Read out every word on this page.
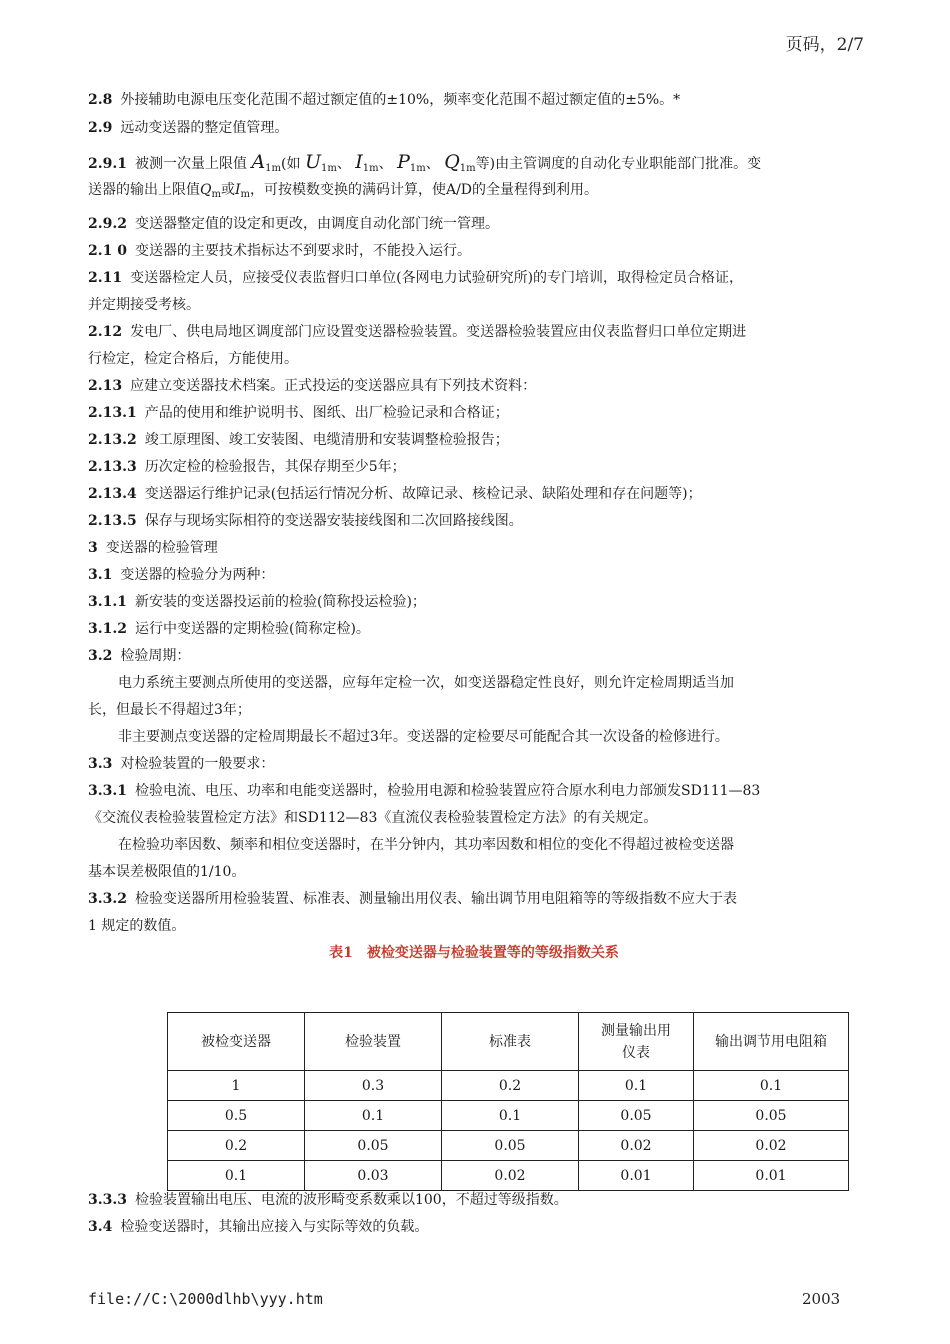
页码，2/7
2.8 外接辅助电源电压变化范围不超过额定值的±10%，频率变化范围不超过额定值的±5%。*
2.9 远动变送器的整定值管理。
2.9.1 被测一次量上限值 $A_{1m}$(如 $U_{1m}$、 $I_{1m}$、 $P_{1m}$、 $Q_{1m}$等)由主管调度的自动化专业职能部门批准。变
送器的输出上限值$Q_m$或$I_m$，可按模数变换的满码计算，使A/D的全量程得到利用。
2.9.2 变送器整定值的设定和更改，由调度自动化部门统一管理。
2.1 0 变送器的主要技术指标达不到要求时，不能投入运行。
2.11 变送器检定人员，应接受仪表监督归口单位(各网电力试验研究所)的专门培训，取得检定员合格证，
并定期接受考核。
2.12 发电厂、供电局地区调度部门应设置变送器检验装置。变送器检验装置应由仪表监督归口单位定期进
行检定，检定合格后，方能使用。
2.13 应建立变送器技术档案。正式投运的变送器应具有下列技术资料：
2.13.1 产品的使用和维护说明书、图纸、出厂检验记录和合格证；
2.13.2 竣工原理图、竣工安装图、电缆清册和安装调整检验报告；
2.13.3 历次定检的检验报告，其保存期至少5年；
2.13.4 变送器运行维护记录(包括运行情况分析、故障记录、核检记录、缺陷处理和存在问题等)；
2.13.5 保存与现场实际相符的变送器安装接线图和二次回路接线图。
3 变送器的检验管理
3.1 变送器的检验分为两种：
3.1.1 新安装的变送器投运前的检验(简称投运检验)；
3.1.2 运行中变送器的定期检验(简称定检)。
3.2 检验周期：
电力系统主要测点所使用的变送器，应每年定检一次，如变送器稳定性良好，则允许定检周期适当加
长，但最长不得超过3年；
非主要测点变送器的定检周期最长不超过3年。变送器的定检要尽可能配合其一次设备的检修进行。
3.3 对检验装置的一般要求：
3.3.1 检验电流、电压、功率和电能变送器时，检验用电源和检验装置应符合原水利电力部颁发SD111—83
《交流仪表检验装置检定方法》和SD112—83《直流仪表检验装置检定方法》的有关规定。
在检验功率因数、频率和相位变送器时，在半分钟内，其功率因数和相位的变化不得超过被检变送器
基本误差极限值的1/10。
3.3.2 检验变送器所用检验装置、标准表、测量输出用仪表、输出调节用电阻箱等的等级指数不应大于表
1 规定的数值。
表1　被检变送器与检验装置等的等级指数关系
被检变送器	检验装置	标准表	测量输出用
仪表	输出调节用电阻箱
1	0.3	0.2	0.1	0.1
0.5	0.1	0.1	0.05	0.05
0.2	0.05	0.05	0.02	0.02
0.1	0.03	0.02	0.01	0.01
3.3.3 检验装置输出电压、电流的波形畸变系数乘以100，不超过等级指数。
3.4 检验变送器时，其输出应接入与实际等效的负载。
file://C:\2000dlhb\yyy.htm	2003
